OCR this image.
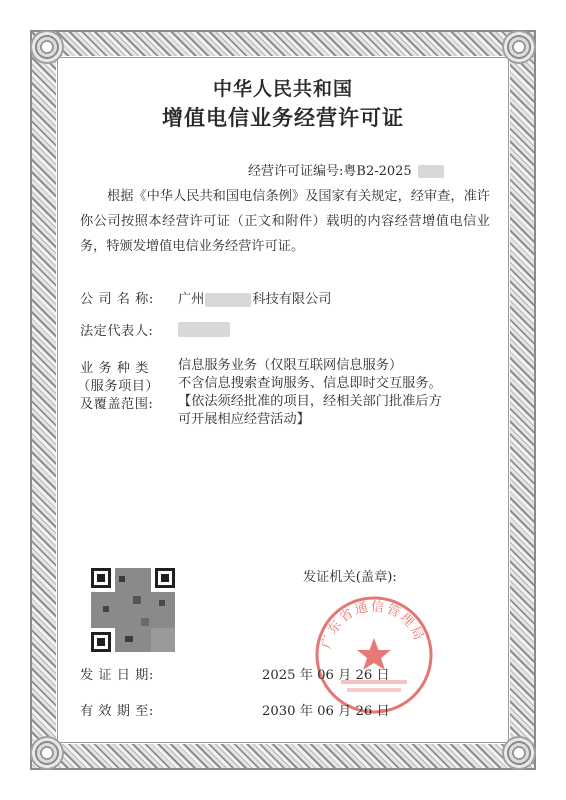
中华人民共和国
增值电信业务经营许可证
经营许可证编号:粤B2-2025
根据《中华人民共和国电信条例》及国家有关规定，经审查，准许你公司按照本经营许可证（正文和附件）载明的内容经营增值电信业务，特颁发增值电信业务经营许可证。
公 司 名 称: 广州	科技有限公司
法定代表人:
业 务 种 类
（服务项目）
及覆盖范围:
信息服务业务（仅限互联网信息服务）
不含信息搜索查询服务、信息即时交互服务。
【依法须经批准的项目，经相关部门批准后方
可开展相应经营活动】
发证机关(盖章):
广东省通信管理局
发 证 日 期:	2025 年 06 月 26 日
有 效 期 至:	2030 年 06 月 26 日
